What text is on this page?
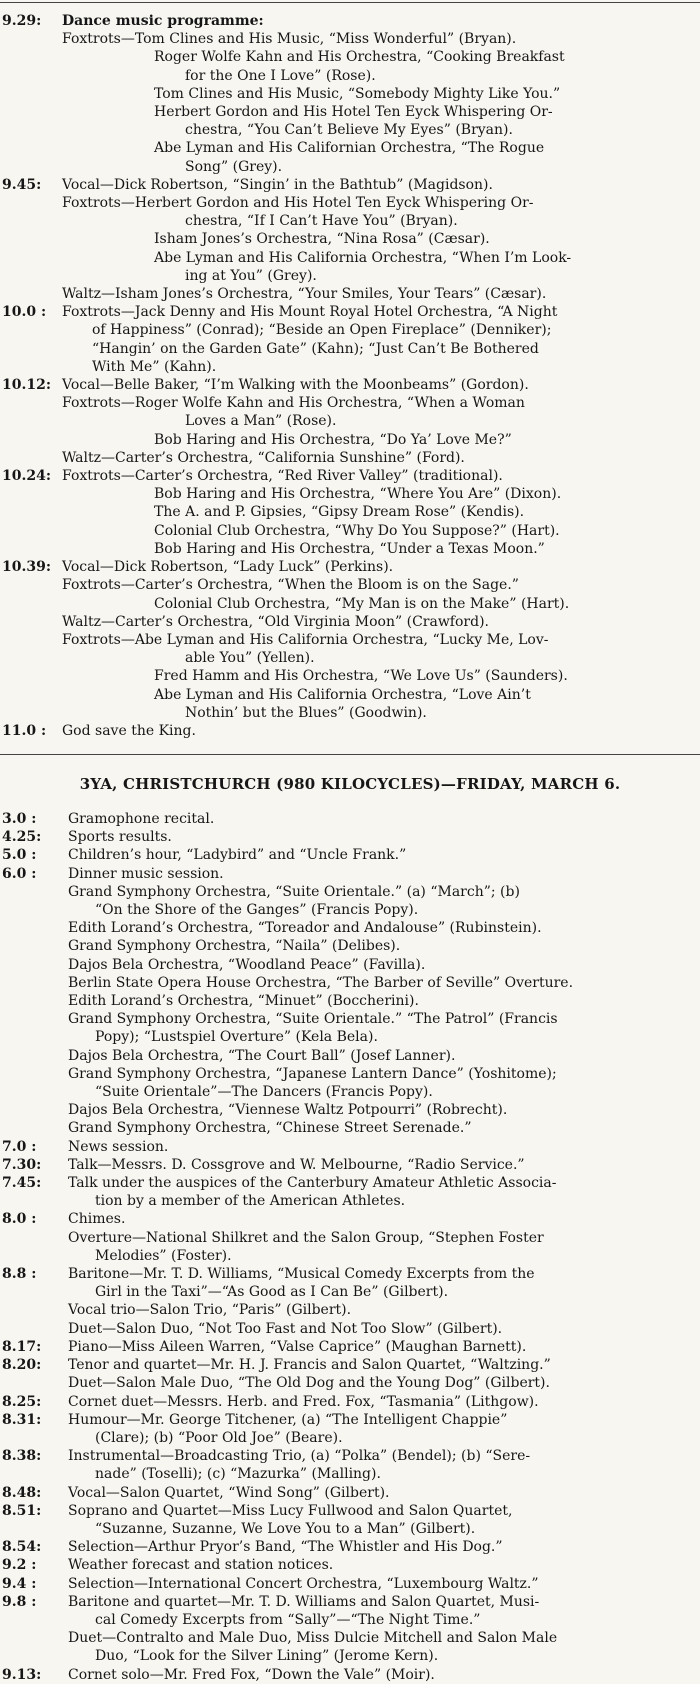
9.29:	Dance music programme:
Foxtrots—Tom Clines and His Music, “Miss Wonderful” (Bryan).
Roger Wolfe Kahn and His Orchestra, “Cooking Breakfast
for the One I Love” (Rose).
Tom Clines and His Music, “Somebody Mighty Like You.”
Herbert Gordon and His Hotel Ten Eyck Whispering Or-
chestra, “You Can’t Believe My Eyes” (Bryan).
Abe Lyman and His Californian Orchestra, “The Rogue
Song” (Grey).
9.45:	Vocal—Dick Robertson, “Singin’ in the Bathtub” (Magidson).
Foxtrots—Herbert Gordon and His Hotel Ten Eyck Whispering Or-
chestra, “If I Can’t Have You” (Bryan).
Isham Jones’s Orchestra, “Nina Rosa” (Cæsar).
Abe Lyman and His California Orchestra, “When I’m Look-
ing at You” (Grey).
Waltz—Isham Jones’s Orchestra, “Your Smiles, Your Tears” (Cæsar).
10.0 :	Foxtrots—Jack Denny and His Mount Royal Hotel Orchestra, “A Night
of Happiness” (Conrad); “Beside an Open Fireplace” (Denniker);
“Hangin’ on the Garden Gate” (Kahn); “Just Can’t Be Bothered
With Me” (Kahn).
10.12: Vocal—Belle Baker, “I’m Walking with the Moonbeams” (Gordon).
Foxtrots—Roger Wolfe Kahn and His Orchestra, “When a Woman
Loves a Man” (Rose).
Bob Haring and His Orchestra, “Do Ya’ Love Me?”
Waltz—Carter’s Orchestra, “California Sunshine” (Ford).
10.24: Foxtrots—Carter’s Orchestra, “Red River Valley” (traditional).
Bob Haring and His Orchestra, “Where You Are” (Dixon).
The A. and P. Gipsies, “Gipsy Dream Rose” (Kendis).
Colonial Club Orchestra, “Why Do You Suppose?” (Hart).
Bob Haring and His Orchestra, “Under a Texas Moon.”
10.39: Vocal—Dick Robertson, “Lady Luck” (Perkins).
Foxtrots—Carter’s Orchestra, “When the Bloom is on the Sage.”
Colonial Club Orchestra, “My Man is on the Make” (Hart).
Waltz—Carter’s Orchestra, “Old Virginia Moon” (Crawford).
Foxtrots—Abe Lyman and His California Orchestra, “Lucky Me, Lov-
able You” (Yellen).
Fred Hamm and His Orchestra, “We Love Us” (Saunders).
Abe Lyman and His California Orchestra, “Love Ain’t
Nothin’ but the Blues” (Goodwin).
11.0 :	God save the King.
3YA, CHRISTCHURCH (980 KILOCYCLES)—FRIDAY, MARCH 6.
3.0 :	Gramophone recital.
4.25:	Sports results.
5.0 :	Children’s hour, “Ladybird” and “Uncle Frank.”
6.0 :	Dinner music session.
Grand Symphony Orchestra, “Suite Orientale.” (a) “March”; (b)
“On the Shore of the Ganges” (Francis Popy).
Edith Lorand’s Orchestra, “Toreador and Andalouse” (Rubinstein).
Grand Symphony Orchestra, “Naila” (Delibes).
Dajos Bela Orchestra, “Woodland Peace” (Favilla).
Berlin State Opera House Orchestra, “The Barber of Seville” Overture.
Edith Lorand’s Orchestra, “Minuet” (Boccherini).
Grand Symphony Orchestra, “Suite Orientale.” “The Patrol” (Francis
Popy); “Lustspiel Overture” (Kela Bela).
Dajos Bela Orchestra, “The Court Ball” (Josef Lanner).
Grand Symphony Orchestra, “Japanese Lantern Dance” (Yoshitome);
“Suite Orientale”—The Dancers (Francis Popy).
Dajos Bela Orchestra, “Viennese Waltz Potpourri” (Robrecht).
Grand Symphony Orchestra, “Chinese Street Serenade.”
7.0 :	News session.
7.30:	Talk—Messrs. D. Cossgrove and W. Melbourne, “Radio Service.”
7.45:	Talk under the auspices of the Canterbury Amateur Athletic Associa-
tion by a member of the American Athletes.
8.0 :	Chimes.
Overture—National Shilkret and the Salon Group, “Stephen Foster
Melodies” (Foster).
8.8 :	Baritone—Mr. T. D. Williams, “Musical Comedy Excerpts from the
Girl in the Taxi”—“As Good as I Can Be” (Gilbert).
Vocal trio—Salon Trio, “Paris” (Gilbert).
Duet—Salon Duo, “Not Too Fast and Not Too Slow” (Gilbert).
8.17:	Piano—Miss Aileen Warren, “Valse Caprice” (Maughan Barnett).
8.20:	Tenor and quartet—Mr. H. J. Francis and Salon Quartet, “Waltzing.”
Duet—Salon Male Duo, “The Old Dog and the Young Dog” (Gilbert).
8.25:	Cornet duet—Messrs. Herb. and Fred. Fox, “Tasmania” (Lithgow).
8.31:	Humour—Mr. George Titchener, (a) “The Intelligent Chappie”
(Clare); (b) “Poor Old Joe” (Beare).
8.38:	Instrumental—Broadcasting Trio, (a) “Polka” (Bendel); (b) “Sere-
nade” (Toselli); (c) “Mazurka” (Malling).
8.48:	Vocal—Salon Quartet, “Wind Song” (Gilbert).
8.51:	Soprano and Quartet—Miss Lucy Fullwood and Salon Quartet,
“Suzanne, Suzanne, We Love You to a Man” (Gilbert).
8.54:	Selection—Arthur Pryor’s Band, “The Whistler and His Dog.”
9.2 :	Weather forecast and station notices.
9.4 :	Selection—International Concert Orchestra, “Luxembourg Waltz.”
9.8 :	Baritone and quartet—Mr. T. D. Williams and Salon Quartet, Musi-
cal Comedy Excerpts from “Sally”—“The Night Time.”
Duet—Contralto and Male Duo, Miss Dulcie Mitchell and Salon Male
Duo, “Look for the Silver Lining” (Jerome Kern).
9.13:	Cornet solo—Mr. Fred Fox, “Down the Vale” (Moir).
